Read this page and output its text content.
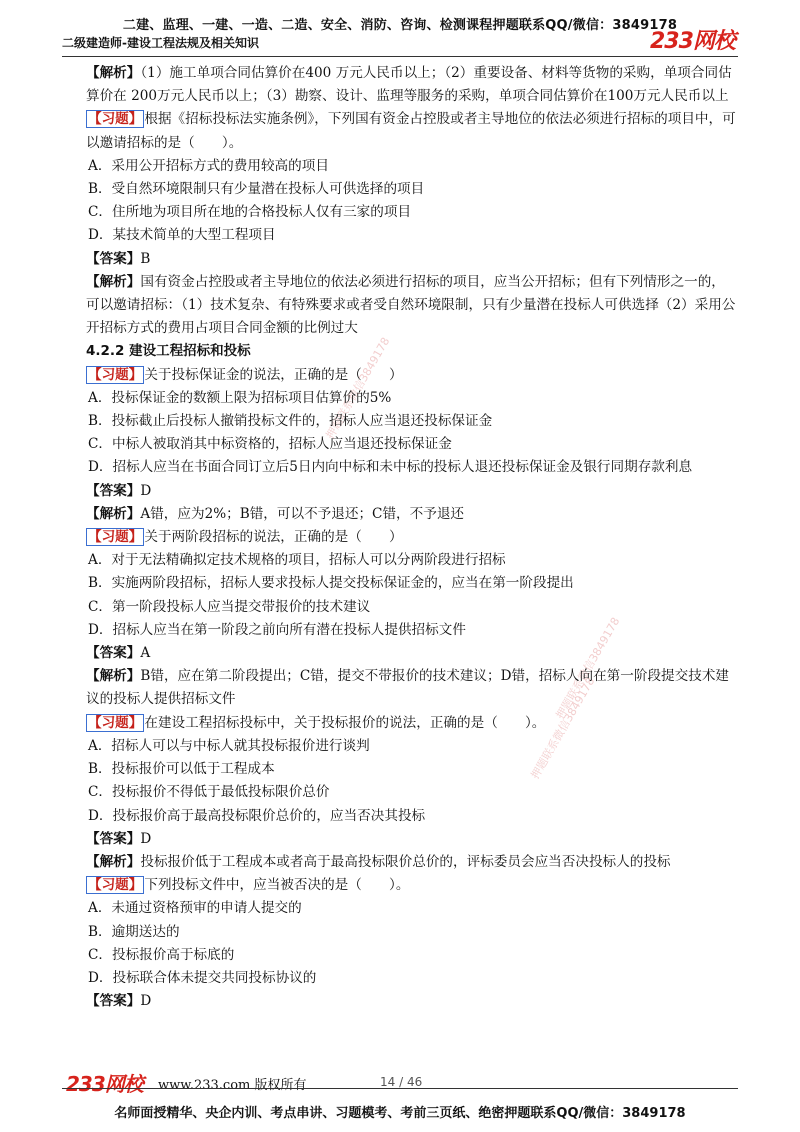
二建、监理、一建、一造、二造、安全、消防、咨询、检测课程押题联系QQ/微信：3849178
二级建造师-建设工程法规及相关知识	233网校
押题联系微信3849178
押题联系微信3849178
押题联系微信3849178

【解析】（1）施工单项合同估算价在400 万元人民币以上；（2）重要设备、材料等货物的采购，单项合同估算价在 200万元人民币以上；（3）勘察、设计、监理等服务的采购，单项合同估算价在100万元人民币以上

【习题】 根据《招标投标法实施条例》，下列国有资金占控股或者主导地位的依法必须进行招标的项目中，可以邀请招标的是（　　）。

A．采用公开招标方式的费用较高的项目

B．受自然环境限制只有少量潜在投标人可供选择的项目

C．住所地为项目所在地的合格投标人仅有三家的项目

D．某技术简单的大型工程项目

【答案】B

【解析】国有资金占控股或者主导地位的依法必须进行招标的项目，应当公开招标；但有下列情形之一的，可以邀请招标：（1）技术复杂、有特殊要求或者受自然环境限制，只有少量潜在投标人可供选择（2）采用公开招标方式的费用占项目合同金额的比例过大

4.2.2 建设工程招标和投标

【习题】 关于投标保证金的说法，正确的是（　　）

A．投标保证金的数额上限为招标项目估算价的5%

B．投标截止后投标人撤销投标文件的，招标人应当退还投标保证金

C．中标人被取消其中标资格的，招标人应当退还投标保证金

D．招标人应当在书面合同订立后5日内向中标和未中标的投标人退还投标保证金及银行同期存款利息

【答案】D

【解析】A错，应为2%；B错，可以不予退还；C错，不予退还

【习题】 关于两阶段招标的说法，正确的是（　　）

A．对于无法精确拟定技术规格的项目，招标人可以分两阶段进行招标

B．实施两阶段招标，招标人要求投标人提交投标保证金的，应当在第一阶段提出

C．第一阶段投标人应当提交带报价的技术建议

D．招标人应当在第一阶段之前向所有潜在投标人提供招标文件

【答案】A

【解析】B错，应在第二阶段提出；C错，提交不带报价的技术建议；D错，招标人向在第一阶段提交技术建议的投标人提供招标文件

【习题】 在建设工程招标投标中，关于投标报价的说法，正确的是（　　）。

A．招标人可以与中标人就其投标报价进行谈判

B．投标报价可以低于工程成本

C．投标报价不得低于最低投标限价总价

D．投标报价高于最高投标限价总价的，应当否决其投标

【答案】D

【解析】投标报价低于工程成本或者高于最高投标限价总价的，评标委员会应当否决投标人的投标

【习题】 下列投标文件中，应当被否决的是（　　）。

A．未通过资格预审的申请人提交的

B．逾期送达的

C．投标报价高于标底的

D．投标联合体未提交共同投标协议的

【答案】D

233网校 www.233.com 版权所有	14 / 46
名师面授精华、央企内训、考点串讲、习题模考、考前三页纸、绝密押题联系QQ/微信：3849178
